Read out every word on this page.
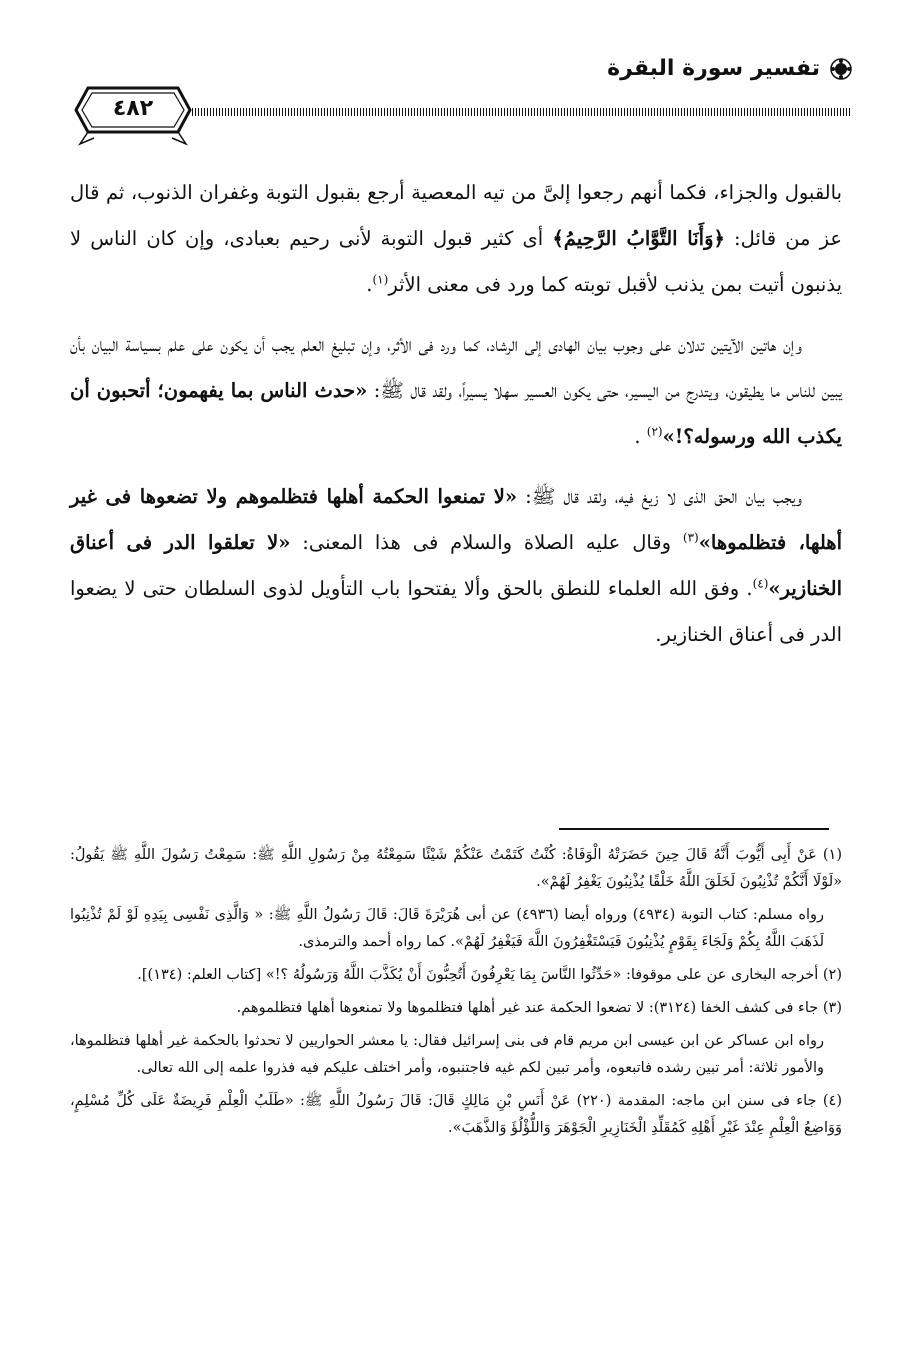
تفسير سورة البقرة
٤٨٢

بالقبول والجزاء، فكما أنهم رجعوا إلىَّ من تيه المعصية أرجع بقبول التوبة وغفران الذنوب، ثم قال عز من قائل: ﴿وَأَنَا التَّوَّابُ الرَّحِيمُ﴾ أى كثير قبول التوبة لأنى رحيم بعبادى، وإن كان الناس لا يذنبون أتيت بمن يذنب لأقبل توبته كما ورد فى معنى الأثر$^{(١)}$.

وإن هاتين الآيتين تدلان على وجوب بيان الهادى إلى الرشاد، كما ورد فى الأثر، وإن تبليغ العلم يجب أن يكون على علم بسياسة البيان بأن يبين للناس ما يطيقون، ويتدرج من اليسير، حتى يكون العسير سهلا يسيراً، ولقد قال ﷺ: «حدث الناس بما يفهمون؛ أتحبون أن يكذب الله ورسوله؟!»$^{(٢)}$ .

ويجب بيان الحق الذى لا زيغ فيه، ولقد قال ﷺ: «لا تمنعوا الحكمة أهلها فتظلموهم ولا تضعوها فى غير أهلها، فتظلموها»$^{(٣)}$ وقال عليه الصلاة والسلام فى هذا المعنى: «لا تعلقوا الدر فى أعناق الخنازير»$^{(٤)}$. وفق الله العلماء للنطق بالحق وألا يفتحوا باب التأويل لذوى السلطان حتى لا يضعوا الدر فى أعناق الخنازير.

(١) عَنْ أَبِى أَيُّوبَ أَنَّهُ قَالَ حِينَ حَضَرَتْهُ الْوَفَاةُ: كُنْتُ كَتَمْتُ عَنْكُمْ شَيْئًا سَمِعْتُهُ مِنْ رَسُولِ اللَّهِ ﷺ: سَمِعْتُ رَسُولَ اللَّهِ ﷺ يَقُولُ: «لَوْلَا أَنَّكُمْ تُذْنِبُونَ لَخَلَقَ اللَّهُ خَلْقًا يُذْنِبُونَ يَغْفِرُ لَهُمْ».

رواه مسلم: كتاب التوبة (٤٩٣٤) ورواه أيضا (٤٩٣٦) عن أبى هُرَيْرَةَ قَالَ: قَالَ رَسُولُ اللَّهِ ﷺ: « وَالَّذِى نَفْسِى بِيَدِهِ لَوْ لَمْ تُذْنِبُوا لَذَهَبَ اللَّهُ بِكُمْ وَلَجَاءَ بِقَوْمٍ يُذْنِبُونَ فَيَسْتَغْفِرُونَ اللَّهَ فَيَغْفِرُ لَهُمْ». كما رواه أحمد والترمذى.

(٢) أخرجه البخارى عن على موقوفا: «حَدِّثُوا النَّاسَ بِمَا يَعْرِفُونَ أَتُحِبُّونَ أَنْ يُكَذَّبَ اللَّهُ وَرَسُولُهُ ؟!» [كتاب العلم: (١٣٤)].

(٣) جاء فى كشف الخفا (٣١٢٤): لا تضعوا الحكمة عند غير أهلها فتظلموها ولا تمنعوها أهلها فتظلموهم.

رواه ابن عساكر عن ابن عيسى ابن مريم قام فى بنى إسرائيل فقال: يا معشر الحواريين لا تحدثوا بالحكمة غير أهلها فتظلموها، والأمور ثلاثة: أمر تبين رشده فاتبعوه، وأمر تبين لكم غيه فاجتنبوه، وأمر اختلف عليكم فيه فذروا علمه إلى الله تعالى.

(٤) جاء فى سنن ابن ماجه: المقدمة (٢٢٠) عَنْ أَنَسِ بْنِ مَالِكٍ قَالَ: قَالَ رَسُولُ اللَّهِ ﷺ: «طَلَبُ الْعِلْمِ فَرِيضَةٌ عَلَى كُلِّ مُسْلِمٍ، وَوَاضِعُ الْعِلْمِ عِنْدَ غَيْرِ أَهْلِهِ كَمُقَلِّدِ الْخَنَازِيرِ الْجَوْهَرَ وَاللُّؤْلُؤَ وَالذَّهَبَ».
